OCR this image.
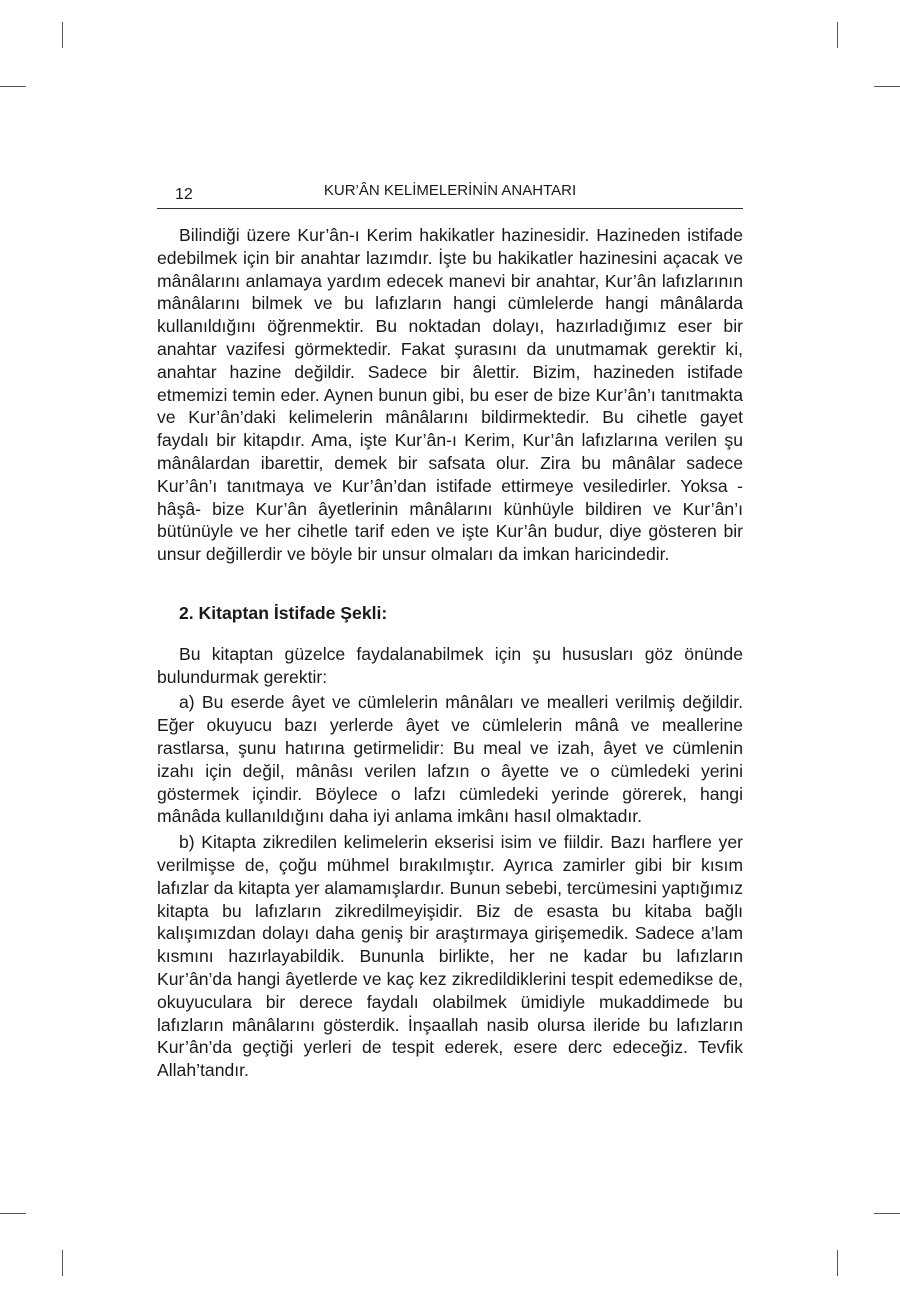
12	KUR’ÂN KELİMELERİNİN ANAHTARI

Bilindiği üzere Kur’ân-ı Kerim hakikatler hazinesidir. Hazineden istifade edebilmek için bir anahtar lazımdır. İşte bu hakikatler hazinesini açacak ve mânâlarını anlamaya yardım edecek manevi bir anahtar, Kur’ân lafızlarının mânâlarını bilmek ve bu lafızların hangi cümlelerde hangi mânâlarda kullanıldığını öğrenmektir. Bu noktadan dolayı, hazırladığımız eser bir anahtar vazifesi görmektedir. Fakat şurasını da unutmamak gerektir ki, anahtar hazine değildir. Sadece bir âlettir. Bizim, hazineden istifade etmemizi temin eder. Aynen bunun gibi, bu eser de bize Kur’ân’ı tanıtmakta ve Kur’ân’daki kelimelerin mânâlarını bildirmektedir. Bu cihetle gayet faydalı bir kitapdır. Ama, işte Kur’ân-ı Kerim, Kur’ân lafızlarına verilen şu mânâlardan ibarettir, demek bir safsata olur. Zira bu mânâlar sadece Kur’ân’ı tanıtmaya ve Kur’ân’dan istifade ettirmeye vesiledirler. Yoksa -hâşâ- bize Kur’ân âyetlerinin mânâlarını künhüyle bildiren ve Kur’ân’ı bütünüyle ve her cihetle tarif eden ve işte Kur’ân budur, diye gösteren bir unsur değillerdir ve böyle bir unsur olmaları da imkan haricindedir.

2. Kitaptan İstifade Şekli:

Bu kitaptan güzelce faydalanabilmek için şu hususları göz önünde bulundurmak gerektir:

a) Bu eserde âyet ve cümlelerin mânâları ve mealleri verilmiş değildir. Eğer okuyucu bazı yerlerde âyet ve cümlelerin mânâ ve meallerine rastlarsa, şunu hatırına getirmelidir: Bu meal ve izah, âyet ve cümlenin izahı için değil, mânâsı verilen lafzın o âyette ve o cümledeki yerini göstermek içindir. Böylece o lafzı cümledeki yerinde görerek, hangi mânâda kullanıldığını daha iyi anlama imkânı hasıl olmaktadır.

b) Kitapta zikredilen kelimelerin ekserisi isim ve fiildir. Bazı harflere yer verilmişse de, çoğu mühmel bırakılmıştır. Ayrıca zamirler gibi bir kısım lafızlar da kitapta yer alamamışlardır. Bunun sebebi, tercümesini yaptığımız kitapta bu lafızların zikredilmeyişidir. Biz de esasta bu kitaba bağlı kalışımızdan dolayı daha geniş bir araştırmaya girişemedik. Sadece a’lam kısmını hazırlayabildik. Bununla birlikte, her ne kadar bu lafızların Kur’ân’da hangi âyetlerde ve kaç kez zikredildiklerini tespit edemedikse de, okuyuculara bir derece faydalı olabilmek ümidiyle mukaddimede bu lafızların mânâlarını gösterdik. İnşaallah nasib olursa ileride bu lafızların Kur’ân’da geçtiği yerleri de tespit ederek, esere derc edeceğiz. Tevfik Allah’tandır.
